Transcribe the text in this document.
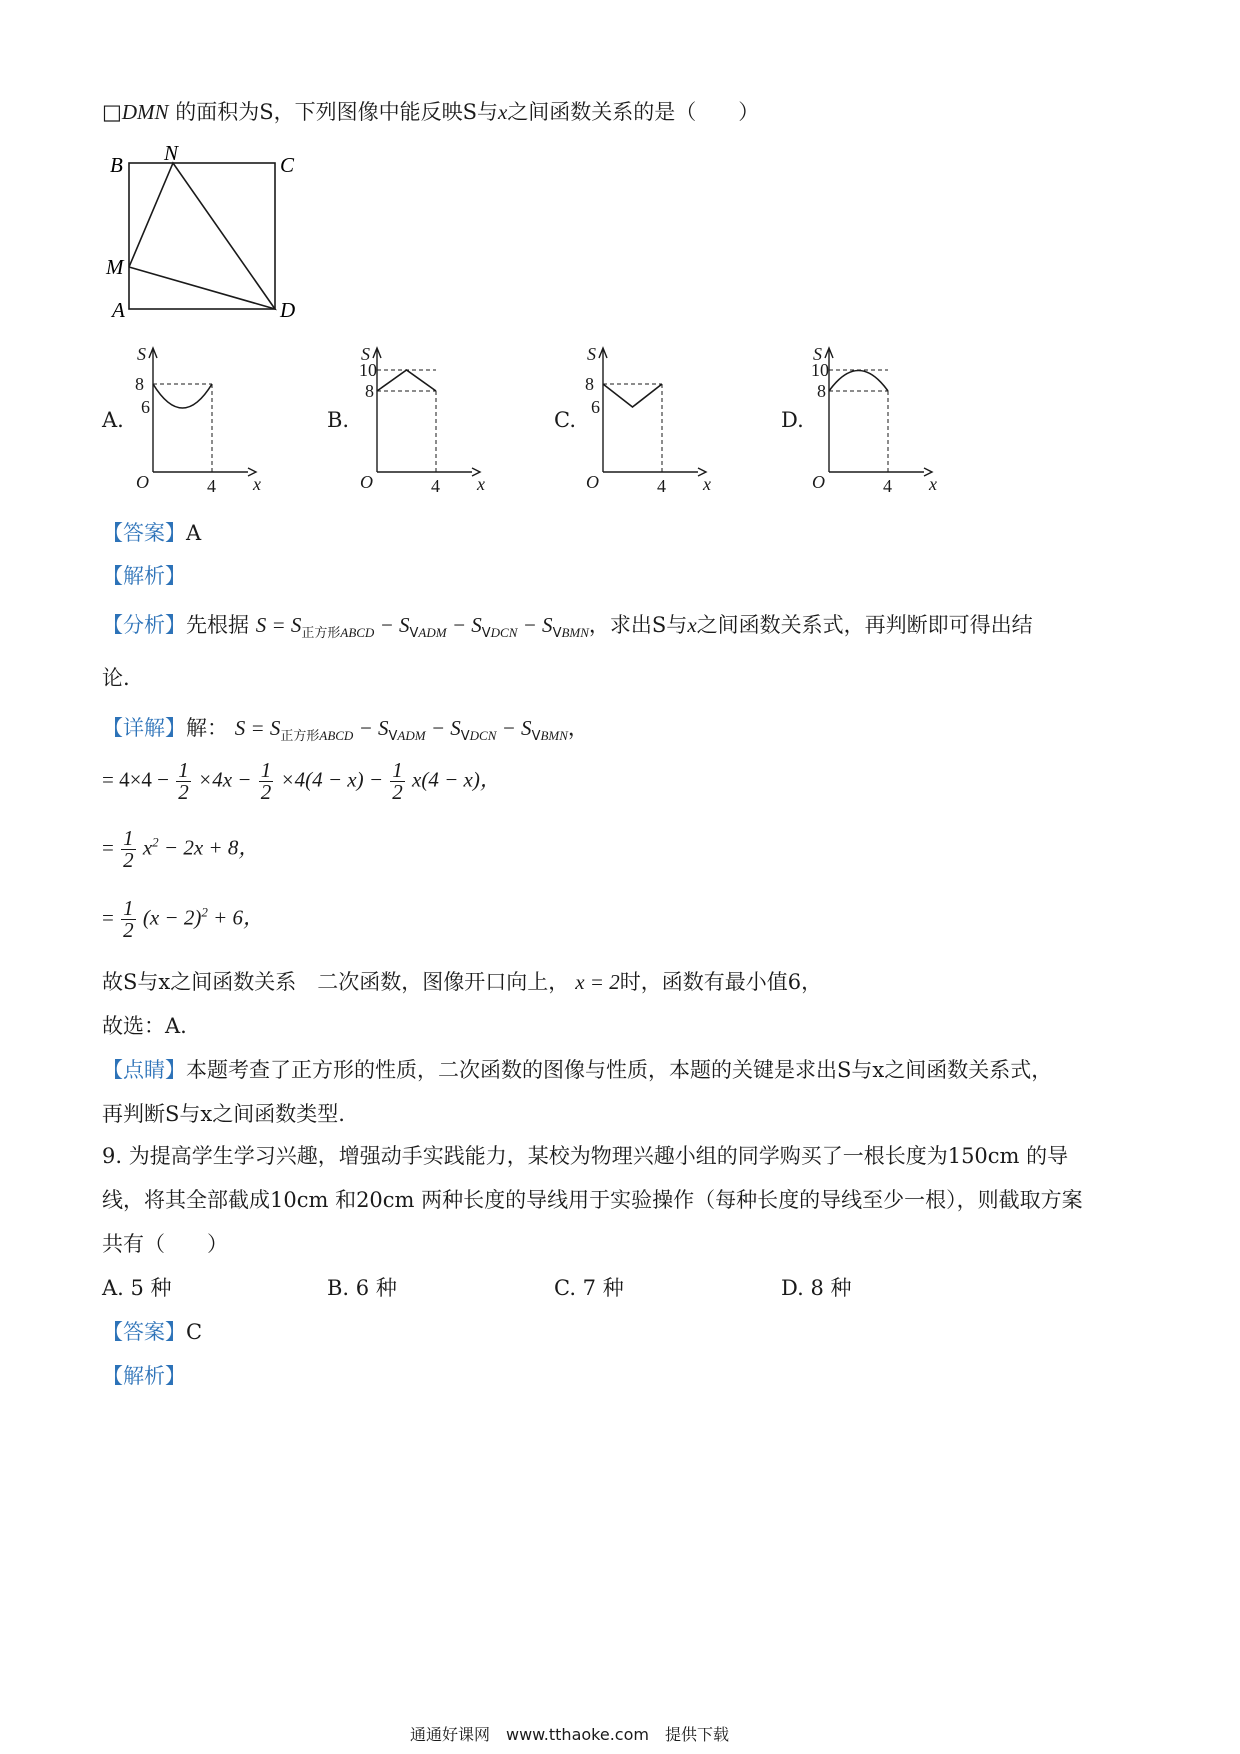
□DMN 的面积为S，下列图像中能反映S与x之间函数关系的是（　　）
B N	C
M
A	D
A.	B.	C.	D.
S
x
O	4
8
6
S
x
O	4
10
8
S
x
O	4
8
6
S
x
O	4
10
8
【答案】A
【解析】
【分析】先根据 $S = S_{正方形ABCD} - S_{VADM} - S_{VDCN} - S_{VBMN}$，求出S与x之间函数关系式，再判断即可得出结
论.
【详解】解： $S = S_{正方形ABCD} - S_{VADM} - S_{VDCN} - S_{VBMN}$，
= $4\times 4 - \frac{1}{2} \times 4x - \frac{1}{2} \times 4(4 - x) - \frac{1}{2} x(4 - x)$，
= $\frac{1}{2} x^2 - 2x + 8$，
= $\frac{1}{2} (x - 2)^2 + 6$，
故S与x之间函数关系　二次函数，图像开口向上， x = 2时，函数有最小值6，
故选：A.
【点睛】本题考查了正方形的性质，二次函数的图像与性质，本题的关键是求出S与x之间函数关系式，
再判断S与x之间函数类型.
9. 为提高学生学习兴趣，增强动手实践能力，某校为物理兴趣小组的同学购买了一根长度为150cm 的导
线，将其全部截成10cm 和20cm 两种长度的导线用于实验操作（每种长度的导线至少一根），则截取方案
共有（　　）
A. 5 种	B. 6 种	C. 7 种	D. 8 种
【答案】C
【解析】
通通好课网　www.tthaoke.com　提供下载
